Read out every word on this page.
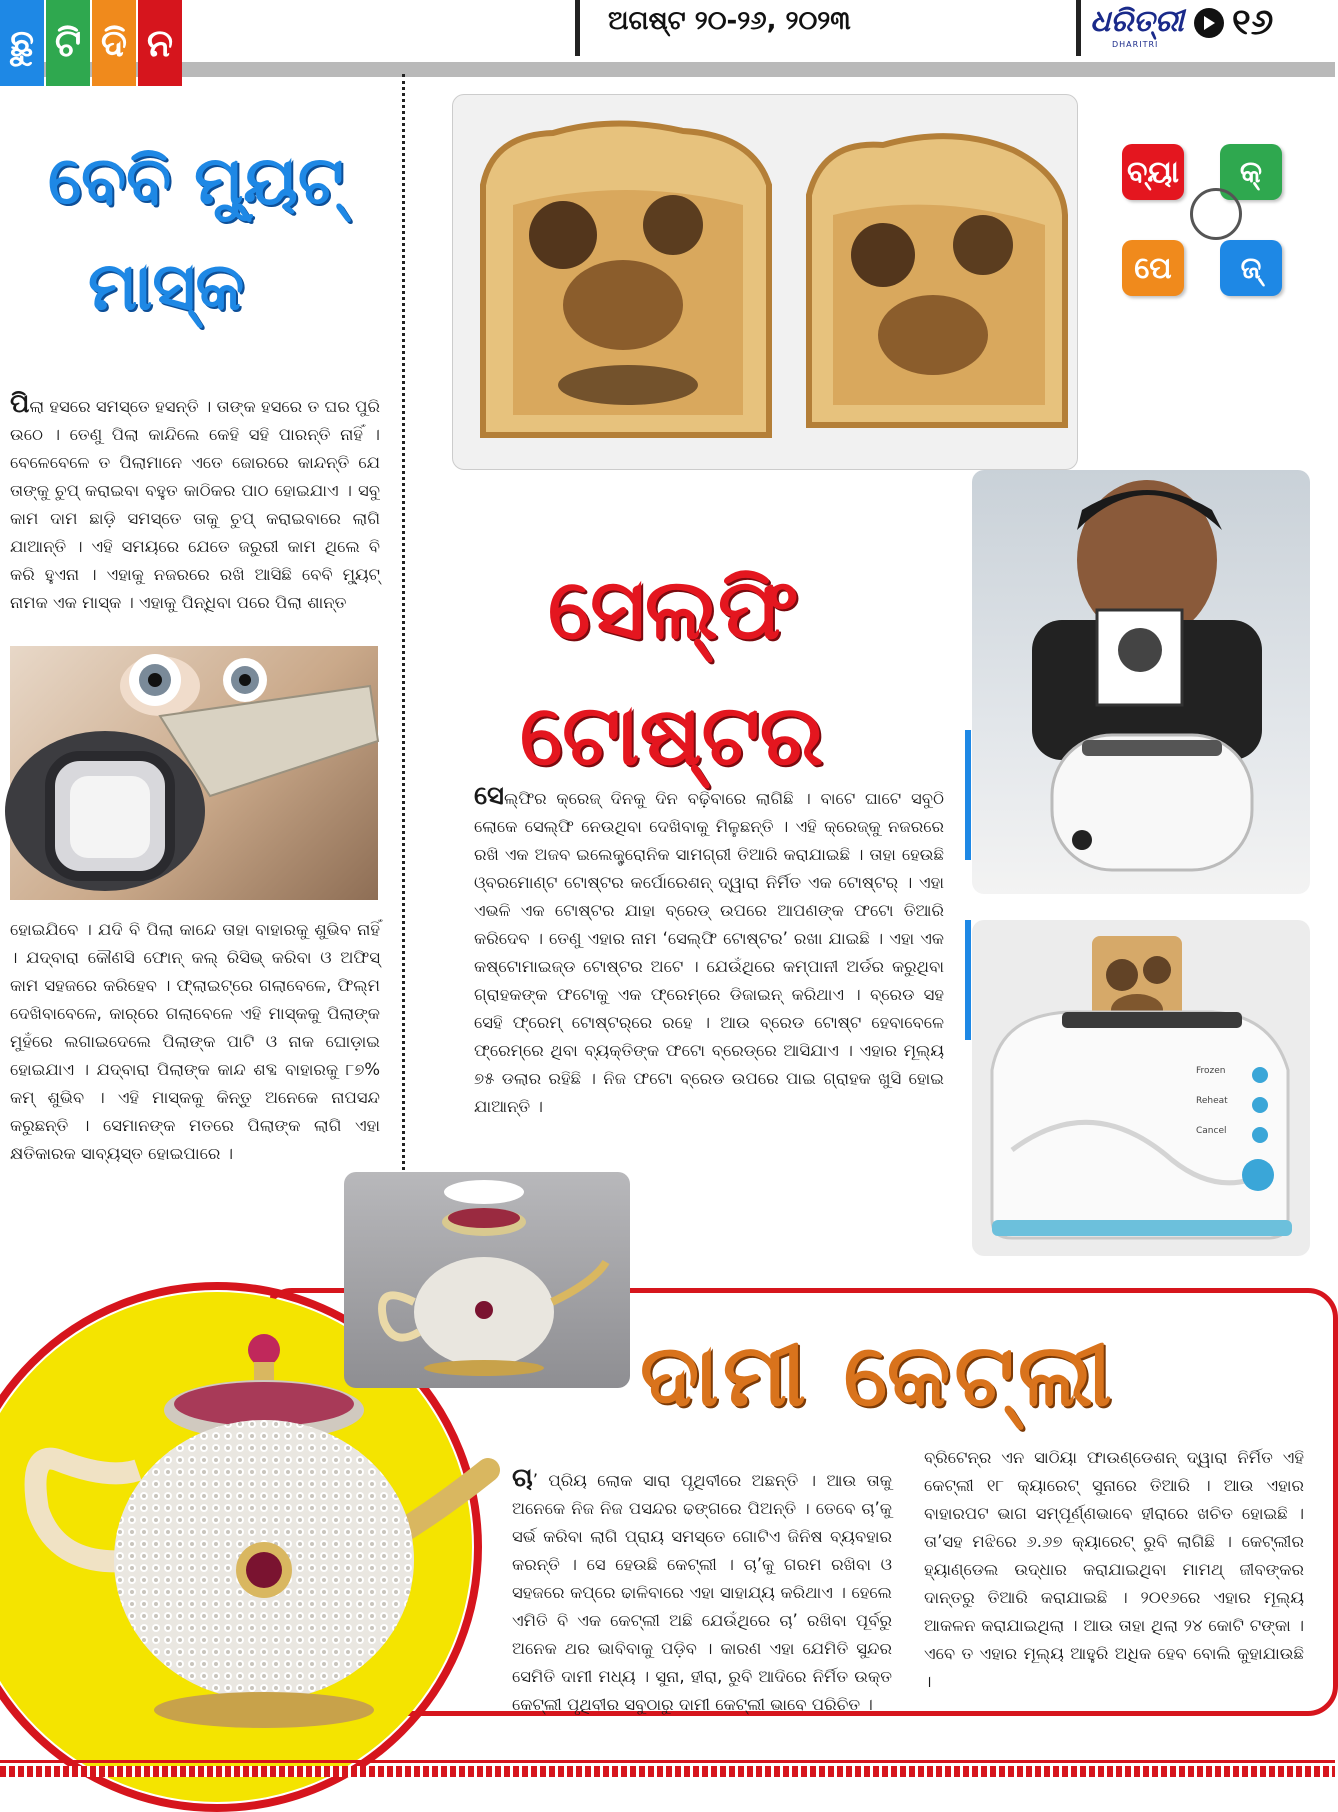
ଛୁ ଟି ଦି ନ	ଅଗଷ୍ଟ ୨୦-୨୬, ୨୦୨୩	ଧରିତ୍ରୀ
DHARITRI
୧୬
ବେବି ମ୍ୟୁଟ୍
ମାସ୍କ
ପିଲା ହସରେ ସମସ୍ତେ ହସନ୍ତି । ତାଙ୍କ ହସରେ ତ ଘର ପୁରି ଉଠେ । ତେଣୁ ପିଲା କାନ୍ଦିଲେ କେହି ସହି ପାରନ୍ତି ନାହିଁ । ବେଳେବେଳେ ତ ପିଲାମାନେ ଏତେ ଜୋରରେ କାନ୍ଦନ୍ତି ଯେ ତାଙ୍କୁ ଚୁପ୍ କରାଇବା ବହୁତ କାଠିକର ପାଠ ହୋଇଯାଏ । ସବୁ କାମ ଦାମ ଛାଡ଼ି ସମସ୍ତେ ତାକୁ ଚୁପ୍ କରାଇବାରେ ଲାଗି ଯାଆନ୍ତି । ଏହି ସମୟରେ ଯେତେ ଜରୁରୀ କାମ ଥିଲେ ବି କରି ହୁଏନା । ଏହାକୁ ନଜରରେ ରଖି ଆସିଛି ବେବି ମ୍ୟୁଟ୍ ନାମକ ଏକ ମାସ୍କ । ଏହାକୁ ପିନ୍ଧିବା ପରେ ପିଲା ଶାନ୍ତ
ହୋଇଯିବେ । ଯଦି ବି ପିଲା କାନ୍ଦେ ତାହା ବାହାରକୁ ଶୁଭିବ ନାହିଁ । ଯଦ୍ବାରା କୌଣସି ଫୋନ୍ କଲ୍ ରିସିଭ୍ କରିବା ଓ ଅଫିସ୍ କାମ ସହଜରେ କରିହେବ । ଫ୍ଲାଇଟ୍‌ରେ ଗଲାବେଳେ, ଫିଲ୍ମ ଦେଖିବାବେଳେ, କାର୍‌ରେ ଗଲାବେଳେ ଏହି ମାସ୍କକୁ ପିଲାଙ୍କ ମୁହଁରେ ଲଗାଇଦେଲେ ପିଲାଙ୍କ ପାଟି ଓ ନାକ ଘୋଡ଼ାଇ ହୋଇଯାଏ । ଯଦ୍ବାରା ପିଲାଙ୍କ କାନ୍ଦ ଶବ୍ଦ ବାହାରକୁ ୮୭% କମ୍ ଶୁଭିବ । ଏହି ମାସ୍କକୁ କିନ୍ତୁ ଅନେକେ ନାପସନ୍ଦ କରୁଛନ୍ତି । ସେମାନଙ୍କ ମତରେ ପିଲାଙ୍କ ଲାଗି ଏହା କ୍ଷତିକାରକ ସାବ୍ୟସ୍ତ ହୋଇପାରେ ।
ସେଲ୍ଫି
ଟୋଷ୍ଟର
ସେଲ୍ଫିର କ୍ରେଜ୍ ଦିନକୁ ଦିନ ବଢ଼ିବାରେ ଲାଗିଛି । ବାଟେ ଘାଟେ ସବୁଠି ଲୋକେ ସେଲ୍ଫି ନେଉଥିବା ଦେଖିବାକୁ ମିଳୁଛନ୍ତି । ଏହି କ୍ରେଜ୍‌କୁ ନଜରରେ ରଖି ଏକ ଅଜବ ଇଲେକ୍ଟ୍ରୋନିକ ସାମଗ୍ରୀ ତିଆରି କରାଯାଇଛି । ତାହା ହେଉଛି ଓ୍ବରମୋଣ୍ଟ ଟୋଷ୍ଟର କର୍ପୋରେଶନ୍ ଦ୍ୱାରା ନିର୍ମିତ ଏକ ଟୋଷ୍ଟର୍ । ଏହା ଏଭଳି ଏକ ଟୋଷ୍ଟର ଯାହା ବ୍ରେଡ୍ ଉପରେ ଆପଣଙ୍କ ଫଟୋ ତିଆରି କରିଦେବ । ତେଣୁ ଏହାର ନାମ ‘ସେଲ୍ଫି ଟୋଷ୍ଟର’ ରଖା ଯାଇଛି । ଏହା ଏକ କଷ୍ଟୋମାଇଜ୍ଡ ଟୋଷ୍ଟର ଅଟେ । ଯେଉଁଥିରେ କମ୍ପାନୀ ଅର୍ଡର କରୁଥିବା ଗ୍ରାହକଙ୍କ ଫଟୋକୁ ଏକ ଫ୍ରେମ୍‌ରେ ଡିଜାଇନ୍ କରିଥାଏ । ବ୍ରେଡ ସହ ସେହି ଫ୍ରେମ୍ ଟୋଷ୍ଟର୍‌ରେ ରହେ । ଆଉ ବ୍ରେଡ ଟୋଷ୍ଟ ହେବାବେଳେ ଫ୍ରେମ୍‌ରେ ଥିବା ବ୍ୟକ୍ତିଙ୍କ ଫଟୋ ବ୍ରେଡ୍‌ରେ ଆସିଯାଏ । ଏହାର ମୂଲ୍ୟ ୭୫ ଡଲାର ରହିଛି । ନିଜ ଫଟୋ ବ୍ରେଡ ଉପରେ ପାଇ ଗ୍ରାହକ ଖୁସି ହୋଇ ଯାଆନ୍ତି ।
Frozen
Reheat
Cancel
ବ୍ୟା କ୍
ପେ ଜ୍
ଦାମୀ କେଟ୍‌ଲୀ
ଚା’ ପ୍ରିୟ ଲୋକ ସାରା ପୃଥିବୀରେ ଅଛନ୍ତି । ଆଉ ତାକୁ ଅନେକେ ନିଜ ନିଜ ପସନ୍ଦର ଢଙ୍ଗରେ ପିଅନ୍ତି । ତେବେ ଚା’କୁ ସର୍ଭ କରିବା ଲାଗି ପ୍ରାୟ ସମସ୍ତେ ଗୋଟିଏ ଜିନିଷ ବ୍ୟବହାର କରନ୍ତି । ସେ ହେଉଛି କେଟ୍‌ଲୀ । ଚା’କୁ ଗରମ ରଖିବା ଓ ସହଜରେ କପ୍‌ରେ ଢାଳିବାରେ ଏହା ସାହାଯ୍ୟ କରିଥାଏ । ହେଲେ ଏମିତି ବି ଏକ କେଟ୍‌ଲୀ ଅଛି ଯେଉଁଥିରେ ଚା’ ରଖିବା ପୂର୍ବରୁ ଅନେକ ଥର ଭାବିବାକୁ ପଡ଼ିବ । କାରଣ ଏହା ଯେମିତି ସୁନ୍ଦର ସେମିତି ଦାମୀ ମଧ୍ୟ । ସୁନା, ହୀରା, ରୁବି ଆଦିରେ ନିର୍ମିତ ଉକ୍ତ କେଟ୍‌ଲୀ ପୃଥିବୀର ସବୁଠାରୁ ଦାମୀ କେଟ୍‌ଲୀ ଭାବେ ପରିଚିତ ।
ବ୍ରିଟେନ୍‌ର ଏନ ସାଠିୟା ଫାଉଣ୍ଡେଶନ୍ ଦ୍ୱାରା ନିର୍ମିତ ଏହି କେଟ୍‌ଲୀ ୧୮ କ୍ୟାରେଟ୍ ସୁନାରେ ତିଆରି । ଆଉ ଏହାର ବାହାରପଟ ଭାଗ ସମ୍ପୂର୍ଣ୍ଣଭାବେ ହୀରାରେ ଖଚିତ ହୋଇଛି । ତା’ସହ ମଝିରେ ୬.୬୭ କ୍ୟାରେଟ୍ ରୁବି ଲାଗିଛି । କେଟ୍‌ଲୀର ହ୍ୟାଣ୍ଡେଲ ଉଦ୍ଧାର କରାଯାଇଥିବା ମାମଥ୍ ଜୀବଙ୍କର ଦାନ୍ତରୁ ତିଆରି କରାଯାଇଛି । ୨୦୧୬ରେ ଏହାର ମୂଲ୍ୟ ଆକଳନ କରାଯାଇଥିଲା । ଆଉ ତାହା ଥିଲା ୨୪ କୋଟି ଟଙ୍କା । ଏବେ ତ ଏହାର ମୂଲ୍ୟ ଆହୁରି ଅଧିକ ହେବ ବୋଲି କୁହାଯାଉଛି ।
